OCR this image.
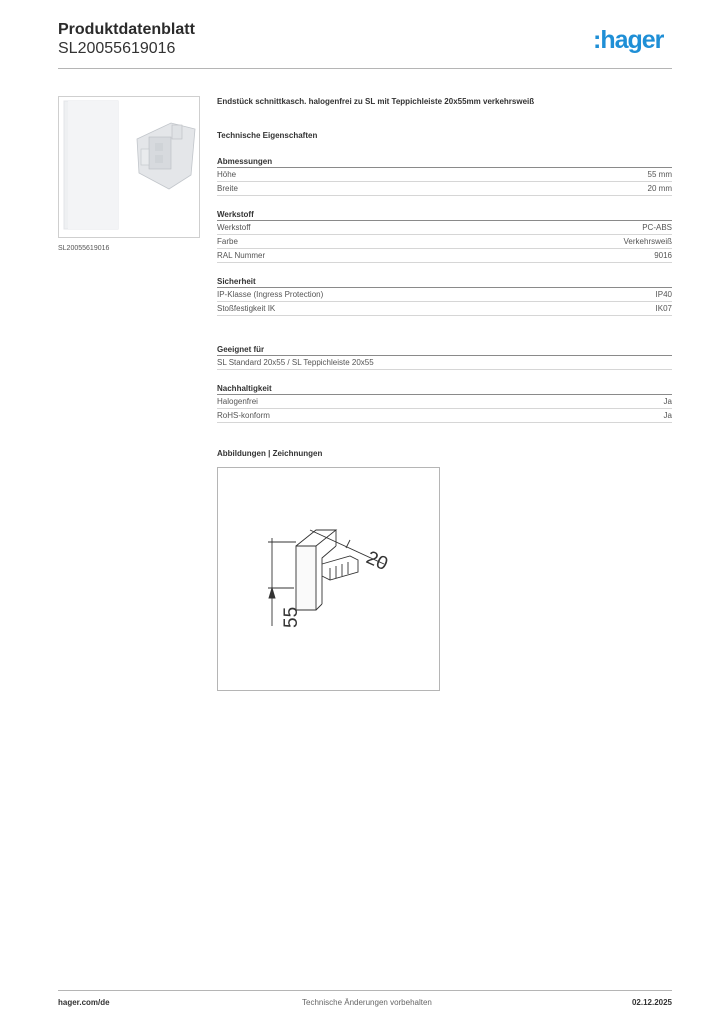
Produktdatenblatt
SL20055619016	:hager
SL20055619016
Endstück schnittkasch. halogenfrei zu SL mit Teppichleiste 20x55mm verkehrsweiß
Technische Eigenschaften
Abmessungen
Höhe	55 mm
Breite	20 mm
Werkstoff
Werkstoff	PC-ABS
Farbe	Verkehrsweiß
RAL Nummer	9016
Sicherheit
IP-Klasse (Ingress Protection)	IP40
Stoßfestigkeit IK	IK07
Geeignet für
SL Standard 20x55 / SL Teppichleiste 20x55
Nachhaltigkeit
Halogenfrei	Ja
RoHS-konform	Ja
Abbildungen | Zeichnungen
20
55
hager.com/de	Technische Änderungen vorbehalten	02.12.2025
